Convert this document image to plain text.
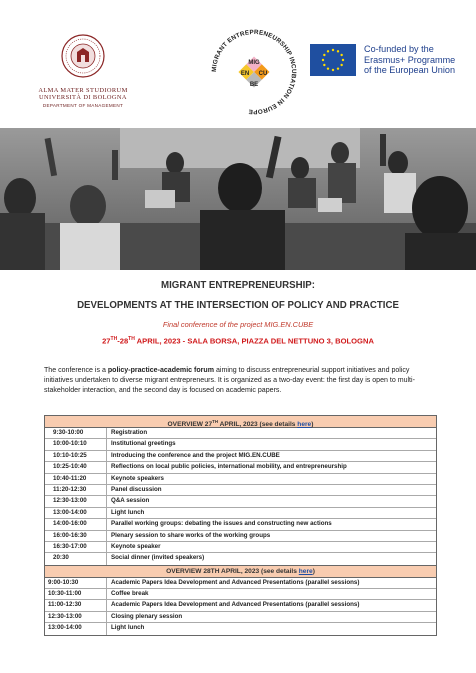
ALMA MATER STUDIORUM
UNIVERSITÀ DI BOLOGNA
DEPARTMENT OF MANAGEMENT
MIGRANT ENTREPRENEURSHIP INCUBATION IN EUROPE
MIG
EN CU
BE
Co-funded by the
Erasmus+ Programme
of the European Union
MIGRANT ENTREPRENEURSHIP:
DEVELOPMENTS AT THE INTERSECTION OF POLICY AND PRACTICE
Final conference of the project MIG.EN.CUBE
27TH-28TH APRIL, 2023 - SALA BORSA, PIAZZA DEL NETTUNO 3, BOLOGNA

The conference is a policy-practice-academic forum aiming to discuss entrepreneurial support initiatives and policy initiatives undertaken to diverse migrant entrepreneurs. It is organized as a two-day event: the first day is open to multi-stakeholder interaction, and the second day is focused on academic papers.

OVERVIEW 27TH APRIL, 2023 (see details here)
9:30-10:00	Registration
10:00-10:10	Institutional greetings
10:10-10:25	Introducing the conference and the project MIG.EN.CUBE
10:25-10:40	Reflections on local public policies, international mobility, and entrepreneurship
10:40-11:20	Keynote speakers
11:20-12:30	Panel discussion
12:30-13:00	Q&A session
13:00-14:00	Light lunch
14:00-16:00	Parallel working groups: debating the issues and constructing new actions
16:00-16:30	Plenary session to share works of the working groups
16:30-17:00	Keynote speaker
20:30	Social dinner (invited speakers)
OVERVIEW 28TH APRIL, 2023 (see details here)
9:00-10:30	Academic Papers Idea Development and Advanced Presentations (parallel sessions)
10:30-11:00	Coffee break
11:00-12:30	Academic Papers Idea Development and Advanced Presentations (parallel sessions)
12:30-13:00	Closing plenary session
13:00-14:00	Light lunch
